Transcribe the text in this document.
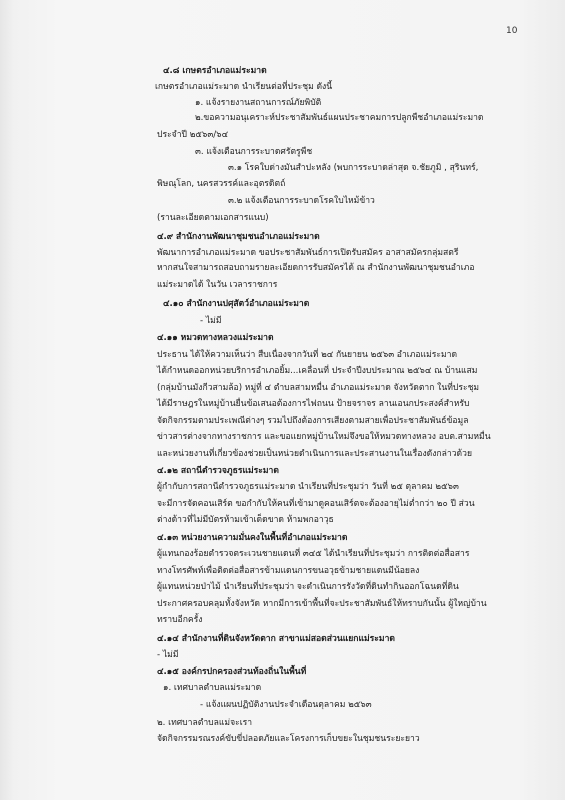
10
๔.๘ เกษตรอำเภอแม่ระมาด
เกษตรอำเภอแม่ระมาด นำเรียนต่อที่ประชุม ดังนี้
๑. แจ้งรายงานสถานการณ์ภัยพิบัติ
๒.ขอความอนุเคราะห์ประชาสัมพันธ์แผนประชาคมการปลูกพืชอำเภอแม่ระมาด
ประจำปี ๒๕๖๓/๖๔
๓. แจ้งเตือนการระบาดศรัตรูพืช
๓.๑ โรคใบด่างมันสำปะหลัง (พบการระบาดล่าสุด จ.ชัยภูมิ , สุรินทร์,
พิษณุโลก, นครสวรรค์และอุตรดิตถ์
๓.๒ แจ้งเตือนการระบาดโรคใบไหม้ข้าว
(รานละเอียดตามเอกสารแนบ)
๔.๙ สำนักงานพัฒนาชุมชนอำเภอแม่ระมาด
พัฒนาการอำเภอแม่ระมาด ขอประชาสัมพันธ์การเปิดรับสมัคร อาสาสมัครกลุ่มสตรี
หากสนใจสามารถสอบถามรายละเอียดการรับสมัครได้ ณ สำนักงานพัฒนาชุมชนอำเภอ
แม่ระมาดได้ ในวัน เวลาราชการ
๔.๑๐ สำนักงานปศุสัตว์อำเภอแม่ระมาด
- ไม่มี
๔.๑๑ หมวดทางหลวงแม่ระมาด
ประธาน ได้ให้ความเห็นว่า สืบเนื่องจากวันที่ ๒๔ กันยายน ๒๕๖๓ อำเภอแม่ระมาด
ได้กำหนดออกหน่วยบริการอำเภอยิ้ม...เคลื่อนที่ ประจำปีงบประมาณ ๒๕๖๔ ณ บ้านแสม
(กลุ่มบ้านมังกีวสามล้อ) หมู่ที่ ๔ ตำบลสามหมื่น อำเภอแม่ระมาด จังหวัดตาก ในที่ประชุม
ได้มีราษฎรในหมู่บ้านยื่นข้อเสนอต้องการไฟถนน ป้ายจราจร ลานเอนกประสงค์สำหรับ
จัดกิจกรรมตามประเพณีต่างๆ รวมไปถึงต้องการเสียงตามสายเพื่อประชาสัมพันธ์ข้อมูล
ข่าวสารต่างจากทางราชการ และขอแยกหมู่บ้านใหม่จึงขอให้หมวดทางหลวง อบต.สามหมื่น
และหน่วยงานที่เกี่ยวข้องช่วยเป็นหน่วยดำเนินการและประสานงานในเรื่องดังกล่าวด้วย
๔.๑๒ สถานีตำรวจภูธรแม่ระมาด
ผู้กำกับการสถานีตำรวจภูธรแม่ระมาด นำเรียนที่ประชุมว่า วันที่ ๒๕ ตุลาคม ๒๕๖๓
จะมีการจัดคอนเสิร์ต ขอกำกับให้คนที่เข้ามาดูคอนเสิร์ตจะต้องอายุไม่ต่ำกว่า ๒๐ ปี ส่วน
ต่างด้าวที่ไม่มีบัตรห้ามเข้าเด็ดขาด ห้ามพกอาวุธ
๔.๑๓ หน่วยงานความมั่นคงในพื้นที่อำเภอแม่ระมาด
ผู้แทนกองร้อยตำรวจตระเวนชายแดนที่ ๓๔๕ ได้นำเรียนที่ประชุมว่า การติดต่อสื่อสาร
ทางโทรศัพท์เพื่อติดต่อสื่อสารข้ามแดนการขนอวุธข้ามชายแดนมีน้อยลง
ผู้แทนหน่วยป่าไม้ นำเรียนที่ประชุมว่า จะดำเนินการรังวัดที่ดินทำกินออกโฉนดที่ดิน
ประกาศครอบคลุมทั้งจังหวัด หากมีการเข้าพื้นที่จะประชาสัมพันธ์ให้ทราบกันนั้น ผู้ใหญ่บ้าน
ทราบอีกครั้ง
๔.๑๔ สำนักงานที่ดินจังหวัดตาก สาขาแม่สอดส่วนแยกแม่ระมาด
- ไม่มี
๔.๑๕ องค์กรปกครองส่วนท้องถิ่นในพื้นที่
๑. เทศบาลตำบลแม่ระมาด
- แจ้งแผนปฏิบัติงานประจำเดือนตุลาคม ๒๕๖๓
๒. เทศบาลตำบลแม่จะเรา
จัดกิจกรรมรณรงค์ขับขี่ปลอดภัยและโครงการเก็บขยะในชุมชนระยะยาว
